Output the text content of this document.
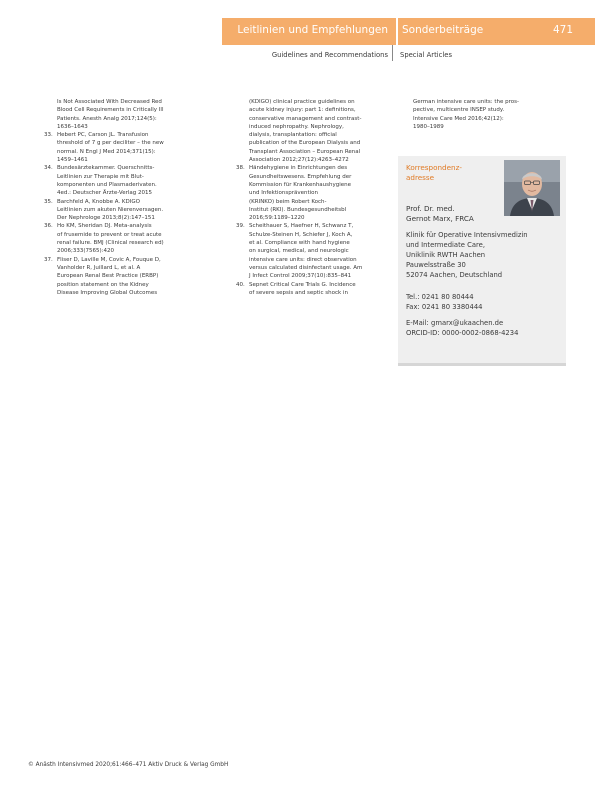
Leitlinien und Empfehlungen Sonderbeiträge	471
Guidelines and Recommendations Special Articles
Is Not Associated With Decreased Red
Blood Cell Requirements in Critically Ill
Patients. Anesth Analg 2017;124(5):
1636–1643
33. Hebert PC, Carson JL. Transfusion
threshold of 7 g per deciliter – the new
normal. N Engl J Med 2014;371(15):
1459–1461
34. Bundesärztekammer. Querschnitts-
Leitlinien zur Therapie mit Blut-
komponenten und Plasmaderivaten.
4ed.: Deutscher Ärzte-Verlag 2015
35. Barchfeld A, Knobbe A. KDIGO
Leitlinien zum akuten Nierenversagen.
Der Nephrologe 2013;8(2):147–151
36. Ho KM, Sheridan DJ. Meta-analysis
of frusemide to prevent or treat acute
renal failure. BMJ (Clinical research ed)
2006;333(7565):420
37. Fliser D, Laville M, Covic A, Fouque D,
Vanholder R, Juillard L, et al. A
European Renal Best Practice (ERBP)
position statement on the Kidney
Disease Improving Global Outcomes
(KDIGO) clinical practice guidelines on
acute kidney injury: part 1: definitions,
conservative management and contrast-
induced nephropathy. Nephrology,
dialysis, transplantation: official
publication of the European Dialysis and
Transplant Association – European Renal
Association 2012;27(12):4263–4272
38. Händehygiene in Einrichtungen des
Gesundheitswesens. Empfehlung der
Kommission für Krankenhaushygiene
und Infektionsprävention
(KRINKO) beim Robert Koch-
Institut (RKI). Bundesgesundheitsbl
2016;59:1189–1220
39. Scheithauer S, Haefner H, Schwanz T,
Schulze-Steinen H, Schiefer J, Koch A,
et al. Compliance with hand hygiene
on surgical, medical, and neurologic
intensive care units: direct observation
versus calculated disinfectant usage. Am
J Infect Control 2009;37(10):835–841
40. Sepnet Critical Care Trials G. Incidence
of severe sepsis and septic shock in
German intensive care units: the pros-
pective, multicentre INSEP study.
Intensive Care Med 2016;42(12):
1980–1989
Korrespondenz-
adresse
Prof. Dr. med.
Gernot Marx, FRCA
Klinik für Operative Intensivmedizin
und Intermediate Care,
Uniklinik RWTH Aachen
Pauwelsstraße 30
52074 Aachen, Deutschland
Tel.: 0241 80 80444
Fax: 0241 80 3380444
E-Mail: gmarx@ukaachen.de
ORCID-ID: 0000-0002-0868-4234
© Anästh Intensivmed 2020;61:466–471 Aktiv Druck & Verlag GmbH
